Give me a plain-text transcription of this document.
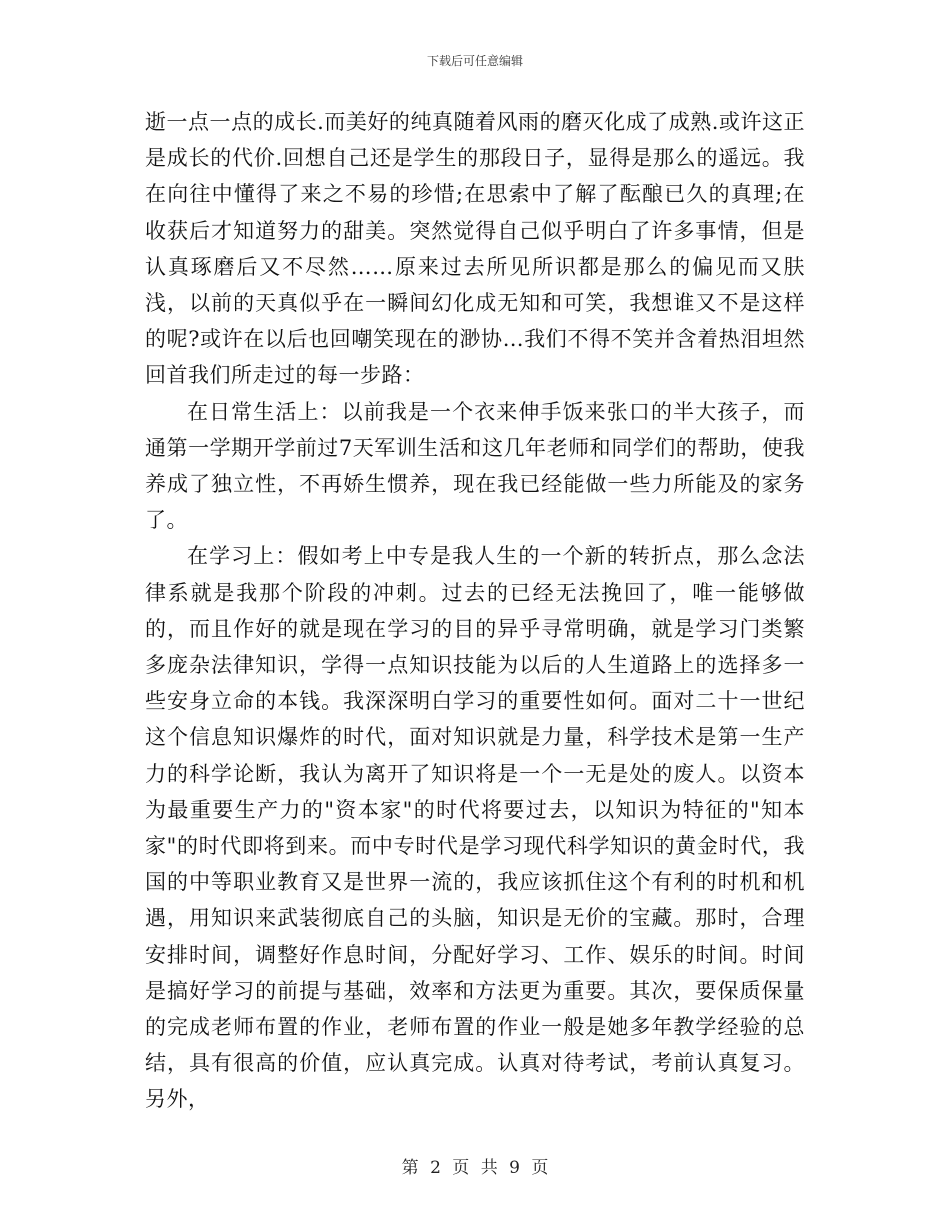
下载后可任意编辑

逝一点一点的成长.而美好的纯真随着风雨的磨灭化成了成熟.或许这正是成长的代价.回想自己还是学生的那段日子，显得是那么的遥远。我在向往中懂得了来之不易的珍惜;在思索中了解了酝酿已久的真理;在收获后才知道努力的甜美。突然觉得自己似乎明白了许多事情，但是认真琢磨后又不尽然……原来过去所见所识都是那么的偏见而又肤浅，以前的天真似乎在一瞬间幻化成无知和可笑，我想谁又不是这样的呢?或许在以后也回嘲笑现在的渺协…我们不得不笑并含着热泪坦然回首我们所走过的每一步路：

在日常生活上：以前我是一个衣来伸手饭来张口的半大孩子，而通第一学期开学前过7天军训生活和这几年老师和同学们的帮助，使我养成了独立性，不再娇生惯养，现在我已经能做一些力所能及的家务了。

在学习上：假如考上中专是我人生的一个新的转折点，那么念法律系就是我那个阶段的冲刺。过去的已经无法挽回了，唯一能够做的，而且作好的就是现在学习的目的异乎寻常明确，就是学习门类繁多庞杂法律知识，学得一点知识技能为以后的人生道路上的选择多一些安身立命的本钱。我深深明白学习的重要性如何。面对二十一世纪这个信息知识爆炸的时代，面对知识就是力量，科学技术是第一生产力的科学论断，我认为离开了知识将是一个一无是处的废人。以资本为最重要生产力的"资本家"的时代将要过去，以知识为特征的"知本家"的时代即将到来。而中专时代是学习现代科学知识的黄金时代，我国的中等职业教育又是世界一流的，我应该抓住这个有利的时机和机遇，用知识来武装彻底自己的头脑，知识是无价的宝藏。那时，合理安排时间，调整好作息时间，分配好学习、工作、娱乐的时间。时间是搞好学习的前提与基础，效率和方法更为重要。其次，要保质保量的完成老师布置的作业，老师布置的作业一般是她多年教学经验的总结，具有很高的价值，应认真完成。认真对待考试，考前认真复习。另外，

第 2 页 共 9 页
